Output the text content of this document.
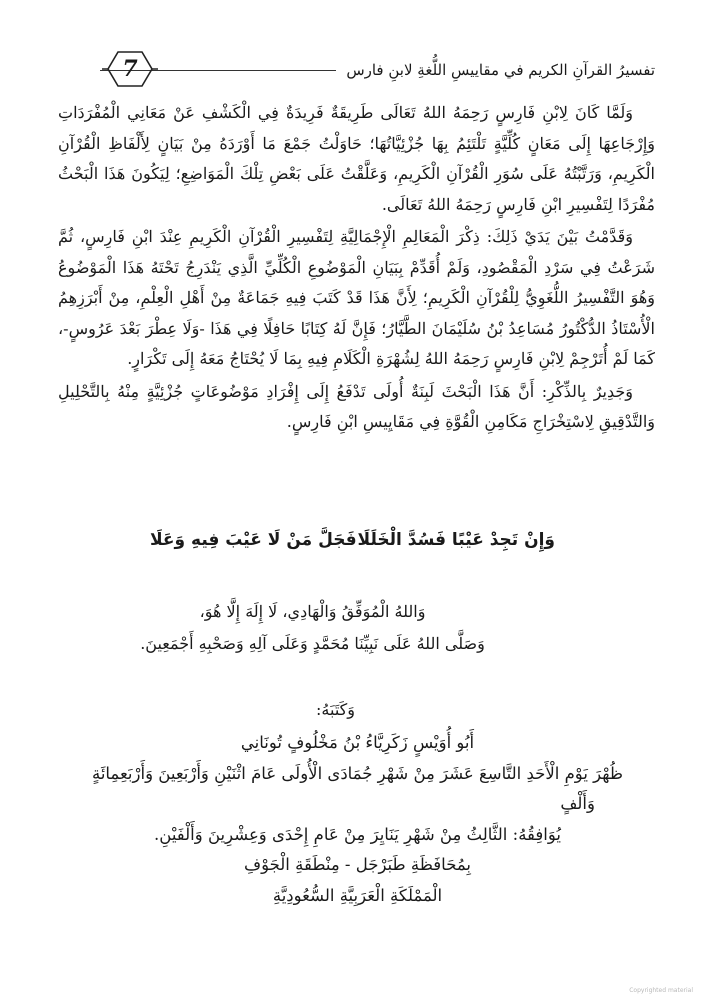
تفسيرُ القرآنِ الكريم في مقاييسِ اللُّغةِ لابنِ فارس
7

وَلَمَّا كَانَ لِابْنِ فَارِسٍ رَحِمَهُ اللهُ تَعَالَى طَرِيقَةٌ فَرِيدَةٌ فِي الْكَشْفِ عَنْ مَعَانِي الْمُفْرَدَاتِ وَإِرْجَاعِهَا إِلَى مَعَانٍ كُلِّيَّةٍ تَلْتَئِمُ بِهَا جُزْئِيَّاتُهَا؛ حَاوَلْتُ جَمْعَ مَا أَوْرَدَهُ مِنْ بَيَانٍ لِأَلْفَاظِ الْقُرْآنِ الْكَرِيمِ، وَرَتَّبْتُهُ عَلَى سُوَرِ الْقُرْآنِ الْكَرِيمِ، وَعَلَّقْتُ عَلَى بَعْضِ تِلْكَ الْمَوَاضِعِ؛ لِيَكُونَ هَذَا الْبَحْثُ مُفْرَدًا لِتَفْسِيرِ ابْنِ فَارِسٍ رَحِمَهُ اللهُ تَعَالَى.

وَقَدَّمْتُ بَيْنَ يَدَيْ ذَلِكَ: ذِكْرَ الْمَعَالِمِ الْإِجْمَالِيَّةِ لِتَفْسِيرِ الْقُرْآنِ الْكَرِيمِ عِنْدَ ابْنِ فَارِسٍ، ثُمَّ شَرَعْتُ فِي سَرْدِ الْمَقْصُودِ، وَلَمْ أُقَدِّمْ بِبَيَانِ الْمَوْضُوعِ الْكُلِّيِّ الَّذِي يَنْدَرِجُ تَحْتَهُ هَذَا الْمَوْضُوعُ وَهُوَ التَّفْسِيرُ اللُّغَوِيُّ لِلْقُرْآنِ الْكَرِيمِ؛ لِأَنَّ هَذَا قَدْ كَتَبَ فِيهِ جَمَاعَةٌ مِنْ أَهْلِ الْعِلْمِ، مِنْ أَبْرَزِهِمُ الْأُسْتَاذُ الدُّكْتُورُ مُسَاعِدُ بْنُ سُلَيْمَانَ الطَّيَّارُ؛ فَإِنَّ لَهُ كِتَابًا حَافِلًا فِي هَذَا -وَلَا عِطْرَ بَعْدَ عَرُوسٍ-، كَمَا لَمْ أُتَرْجِمْ لِابْنِ فَارِسٍ رَحِمَهُ اللهُ لِشُهْرَةِ الْكَلَامِ فِيهِ بِمَا لَا يُحْتَاجُ مَعَهُ إِلَى تَكْرَارٍ.

وَجَدِيرٌ بِالذِّكْرِ: أَنَّ هَذَا الْبَحْثَ لَبِنَةٌ أُولَى تَدْفَعُ إِلَى إِفْرَادِ مَوْضُوعَاتٍ جُزْئِيَّةٍ مِنْهُ بِالتَّحْلِيلِ وَالتَّدْقِيقِ لِاسْتِخْرَاجِ مَكَامِنِ الْقُوَّةِ فِي مَقَايِيسِ ابْنِ فَارِسٍ.

وَإِنْ تَجِدْ عَيْبًا فَسُدَّ الْخَلَلَا
فَجَلَّ مَنْ لَا عَيْبَ فِيهِ وَعَلَا
وَاللهُ الْمُوَفِّقُ وَالْهَادِي، لَا إِلَهَ إِلَّا هُوَ،
وَصَلَّى اللهُ عَلَى نَبِيِّنَا مُحَمَّدٍ وَعَلَى آلِهِ وَصَحْبِهِ أَجْمَعِينَ.
وَكَتَبَهُ:
أَبُو أُوَيْسٍ زَكَرِيَّاءُ بْنُ مَخْلُوفٍ تُونَانِي
ظُهْرَ يَوْمِ الْأَحَدِ التَّاسِعَ عَشَرَ مِنْ شَهْرِ جُمَادَى الْأُولَى عَامَ اثْنَيْنِ وَأَرْبَعِينَ وَأَرْبَعِمِائَةٍ
وَأَلْفٍ
يُوَافِقُهُ: الثَّالِثُ مِنْ شَهْرِ يَنَايِرَ مِنْ عَامِ إِحْدَى وَعِشْرِينَ وَأَلْفَيْنِ.
بِمُحَافَظَةِ طَبَرْجَل - مِنْطَقَةِ الْجَوْفِ
الْمَمْلَكَةِ الْعَرَبِيَّةِ السُّعُودِيَّةِ
Copyrighted material
